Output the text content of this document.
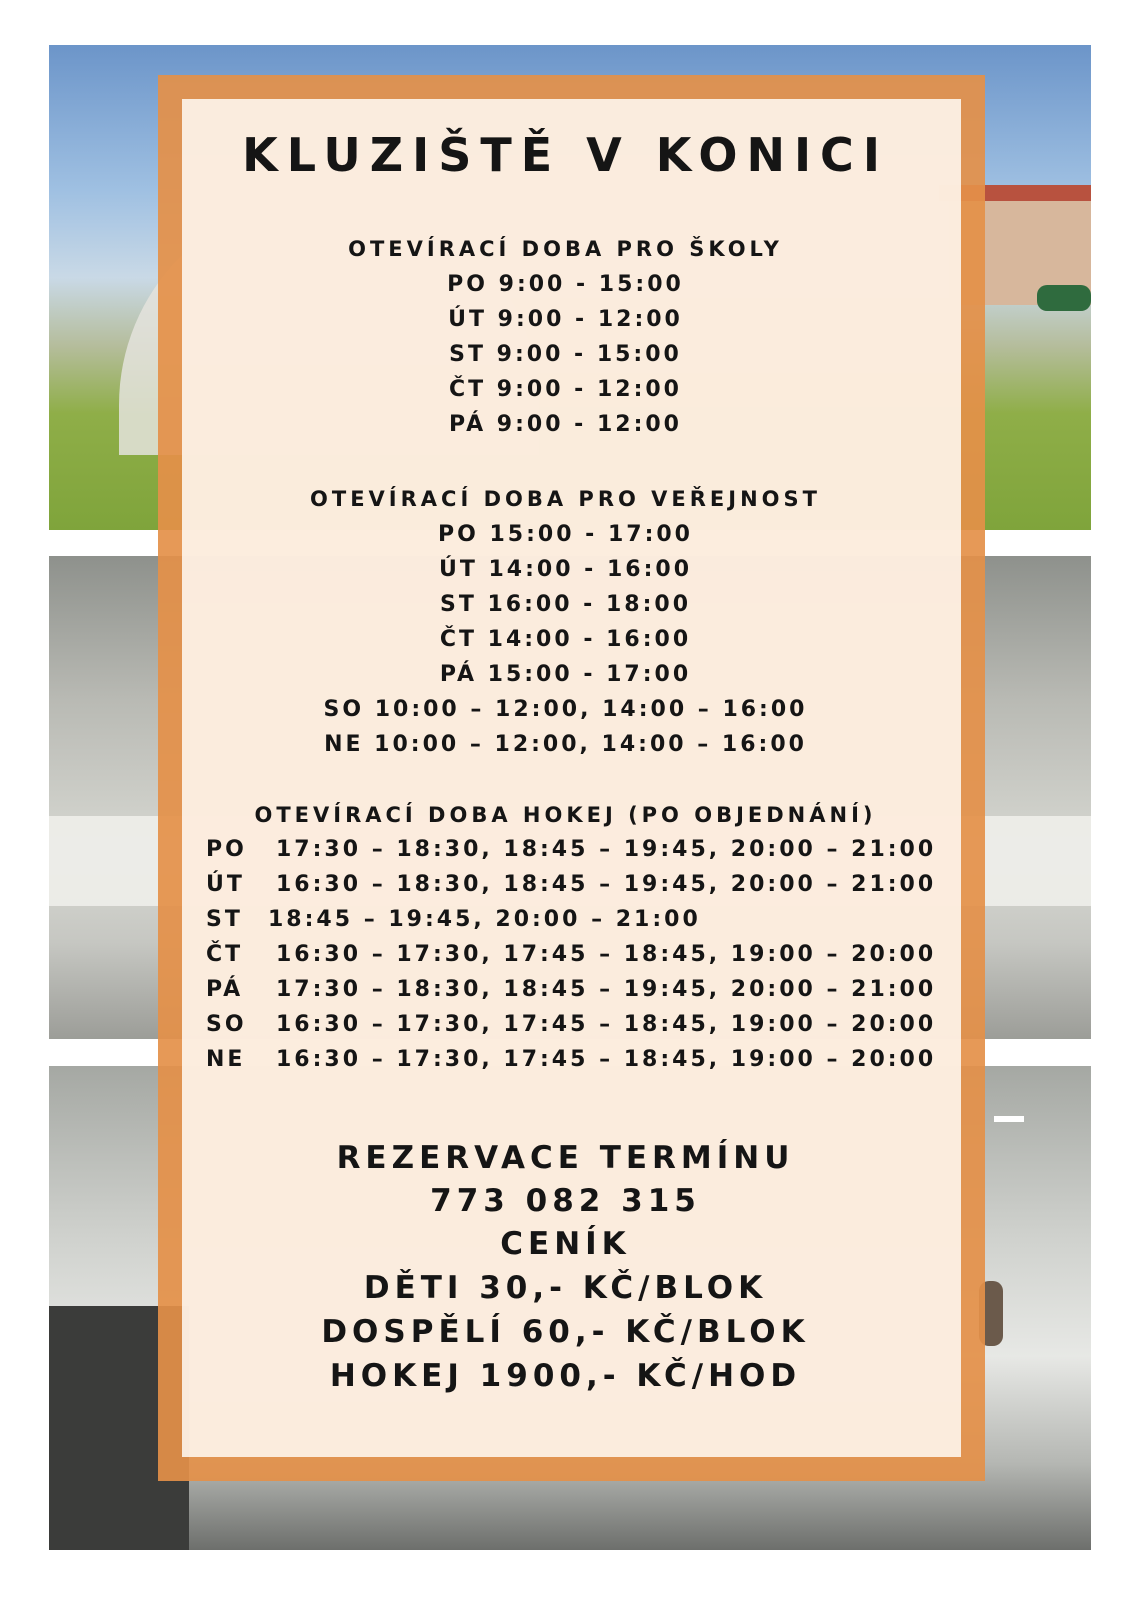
KLUZIŠTĚ V KONICI
OTEVÍRACÍ DOBA PRO ŠKOLY
PO 9:00 - 15:00
ÚT 9:00 - 12:00
ST 9:00 - 15:00
ČT 9:00 - 12:00
PÁ 9:00 - 12:00
OTEVÍRACÍ DOBA PRO VEŘEJNOST
PO 15:00 - 17:00
ÚT 14:00 - 16:00
ST 16:00 - 18:00
ČT 14:00 - 16:00
PÁ 15:00 - 17:00
SO 10:00 – 12:00, 14:00 – 16:00
NE 10:00 – 12:00, 14:00 – 16:00
OTEVÍRACÍ DOBA HOKEJ (PO OBJEDNÁNÍ)
PO 17:30 – 18:30, 18:45 – 19:45, 20:00 – 21:00
ÚT 16:30 – 18:30, 18:45 – 19:45, 20:00 – 21:00
ST 18:45 – 19:45, 20:00 – 21:00
ČT 16:30 – 17:30, 17:45 – 18:45, 19:00 – 20:00
PÁ 17:30 – 18:30, 18:45 – 19:45, 20:00 – 21:00
SO 16:30 – 17:30, 17:45 – 18:45, 19:00 – 20:00
NE 16:30 – 17:30, 17:45 – 18:45, 19:00 – 20:00
REZERVACE TERMÍNU
773 082 315
CENÍK
DĚTI 30,- KČ/BLOK
DOSPĚLÍ 60,- KČ/BLOK
HOKEJ 1900,- KČ/HOD
